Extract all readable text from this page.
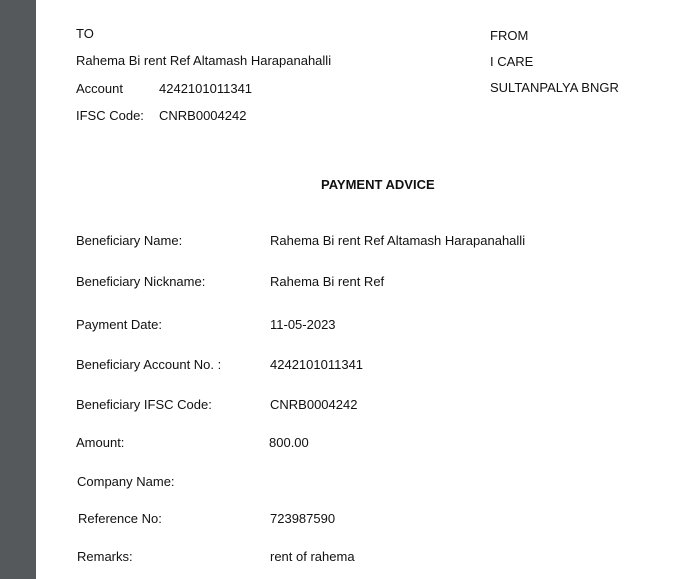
TO
Rahema Bi rent Ref Altamash Harapanahalli
Account	4242101011341
IFSC Code: CNRB0004242
FROM
I CARE
SULTANPALYA BNGR
PAYMENT ADVICE
Beneficiary Name:	Rahema Bi rent Ref Altamash Harapanahalli
Beneficiary Nickname:	Rahema Bi rent Ref
Payment Date:	11-05-2023
Beneficiary Account No. :	4242101011341
Beneficiary IFSC Code:	CNRB0004242
Amount:	800.00
Company Name:
Reference No:	723987590
Remarks:	rent of rahema
